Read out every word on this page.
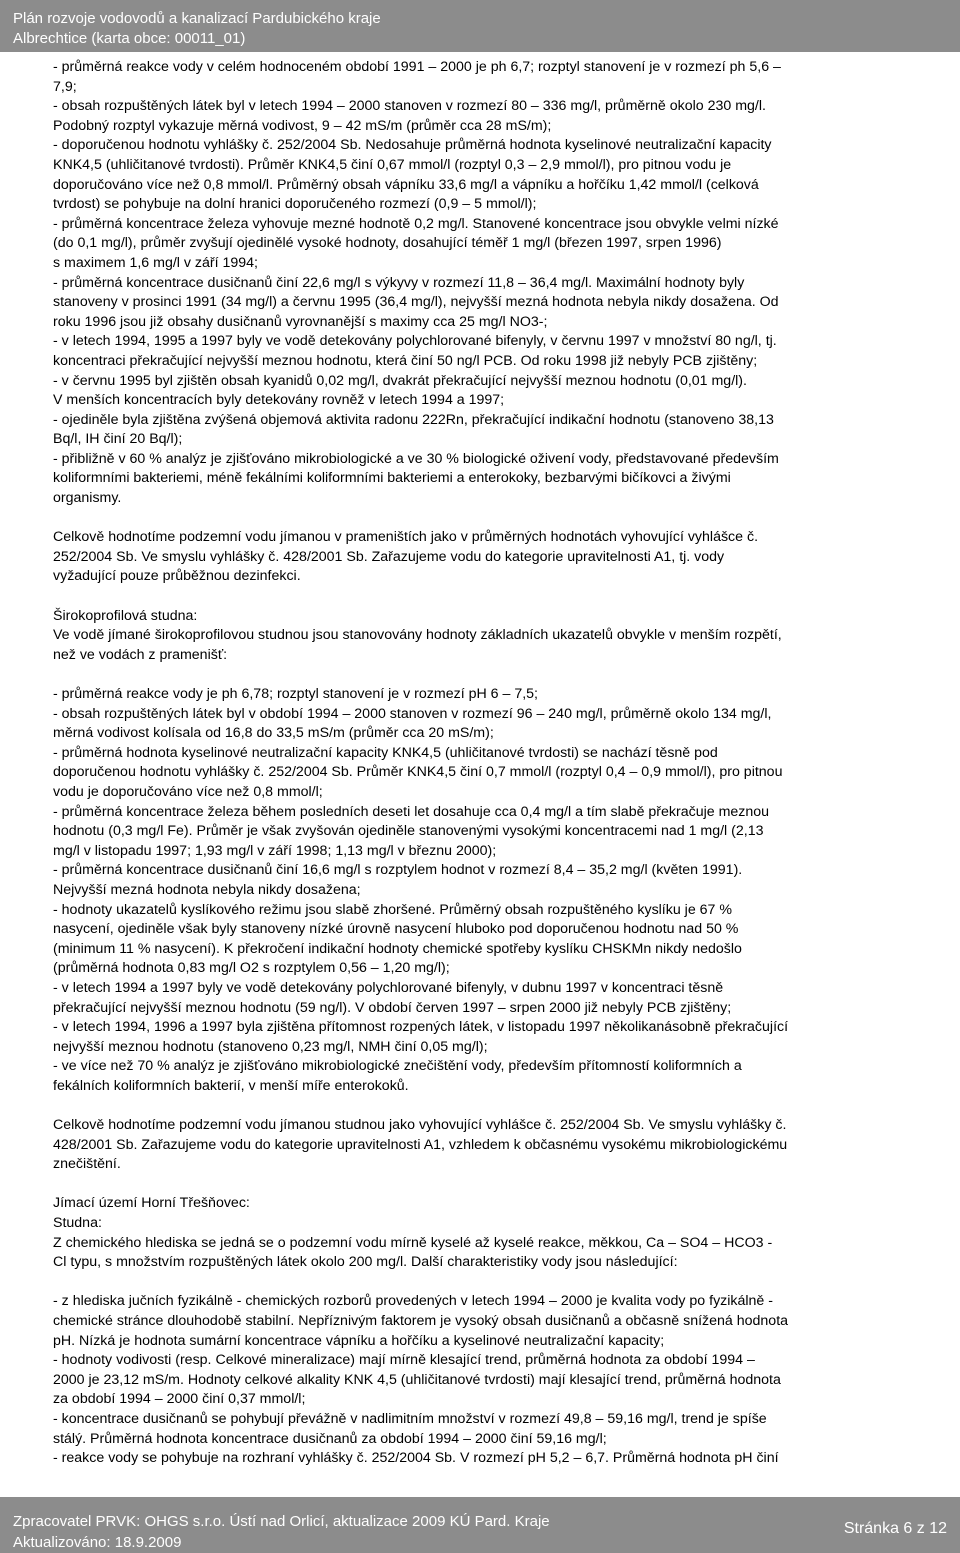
Plán rozvoje vodovodů a kanalizací Pardubického kraje
Albrechtice (karta obce: 00011_01)
- průměrná reakce vody v celém hodnoceném období 1991 – 2000 je ph 6,7; rozptyl stanovení je v rozmezí ph 5,6 –
7,9;
- obsah rozpuštěných látek byl v letech 1994 – 2000 stanoven v rozmezí 80 – 336 mg/l, průměrně okolo 230 mg/l.
Podobný rozptyl vykazuje měrná vodivost, 9 – 42 mS/m (průměr cca 28 mS/m);
- doporučenou hodnotu vyhlášky č. 252/2004 Sb. Nedosahuje průměrná hodnota kyselinové neutralizační kapacity
KNK4,5 (uhličitanové tvrdosti). Průměr KNK4,5 činí 0,67 mmol/l (rozptyl 0,3 – 2,9 mmol/l), pro pitnou vodu je
doporučováno více než 0,8 mmol/l. Průměrný obsah vápníku 33,6 mg/l a vápníku a hořčíku 1,42 mmol/l (celková
tvrdost) se pohybuje na dolní hranici doporučeného rozmezí (0,9 – 5 mmol/l);
- průměrná koncentrace železa vyhovuje mezné hodnotě 0,2 mg/l. Stanovené koncentrace jsou obvykle velmi nízké
(do 0,1 mg/l), průměr zvyšují ojedinělé vysoké hodnoty, dosahující téměř 1 mg/l (březen 1997, srpen 1996)
s maximem 1,6 mg/l v září 1994;
- průměrná koncentrace dusičnanů činí 22,6 mg/l s výkyvy v rozmezí 11,8 – 36,4 mg/l. Maximální hodnoty byly
stanoveny v prosinci 1991 (34 mg/l) a červnu 1995 (36,4 mg/l), nejvyšší mezná hodnota nebyla nikdy dosažena. Od
roku 1996 jsou již obsahy dusičnanů vyrovnanější s maximy cca 25 mg/l NO3-;
- v letech 1994, 1995 a 1997 byly ve vodě detekovány polychlorované bifenyly, v červnu 1997 v množství 80 ng/l, tj.
koncentraci překračující nejvyšší meznou hodnotu, která činí 50 ng/l PCB. Od roku 1998 již nebyly PCB zjištěny;
- v červnu 1995 byl zjištěn obsah kyanidů 0,02 mg/l, dvakrát překračující nejvyšší meznou hodnotu (0,01 mg/l).
V menších koncentracích byly detekovány rovněž v letech 1994 a 1997;
- ojediněle byla zjištěna zvýšená objemová aktivita radonu 222Rn, překračující indikační hodnotu (stanoveno 38,13
Bq/l, IH činí 20 Bq/l);
- přibližně v 60 % analýz je zjišťováno mikrobiologické a ve 30 % biologické oživení vody, představované především
koliformními bakteriemi, méně fekálními koliformními bakteriemi a enterokoky, bezbarvými bičíkovci a živými
organismy.
Celkově hodnotíme podzemní vodu jímanou v prameništích jako v průměrných hodnotách vyhovující vyhlášce č.
252/2004 Sb. Ve smyslu vyhlášky č. 428/2001 Sb. Zařazujeme vodu do kategorie upravitelnosti A1, tj. vody
vyžadující pouze průběžnou dezinfekci.
Širokoprofilová studna:
Ve vodě jímané širokoprofilovou studnou jsou stanovovány hodnoty základních ukazatelů obvykle v menším rozpětí,
než ve vodách z pramenišť:
- průměrná reakce vody je ph 6,78; rozptyl stanovení je v rozmezí pH 6 – 7,5;
- obsah rozpuštěných látek byl v období 1994 – 2000 stanoven v rozmezí 96 – 240 mg/l, průměrně okolo 134 mg/l,
měrná vodivost kolísala od 16,8 do 33,5 mS/m (průměr cca 20 mS/m);
- průměrná hodnota kyselinové neutralizační kapacity KNK4,5 (uhličitanové tvrdosti) se nachází těsně pod
doporučenou hodnotu vyhlášky č. 252/2004 Sb. Průměr KNK4,5 činí 0,7 mmol/l (rozptyl 0,4 – 0,9 mmol/l), pro pitnou
vodu je doporučováno více než 0,8 mmol/l;
- průměrná koncentrace železa během posledních deseti let dosahuje cca 0,4 mg/l a tím slabě překračuje meznou
hodnotu (0,3 mg/l Fe). Průměr je však zvyšován ojediněle stanovenými vysokými koncentracemi nad 1 mg/l (2,13
mg/l v listopadu 1997; 1,93 mg/l v září 1998; 1,13 mg/l v březnu 2000);
- průměrná koncentrace dusičnanů činí 16,6 mg/l s rozptylem hodnot v rozmezí 8,4 – 35,2 mg/l (květen 1991).
Nejvyšší mezná hodnota nebyla nikdy dosažena;
- hodnoty ukazatelů kyslíkového režimu jsou slabě zhoršené. Průměrný obsah rozpuštěného kyslíku je 67 %
nasycení, ojediněle však byly stanoveny nízké úrovně nasycení hluboko pod doporučenou hodnotu nad 50 %
(minimum 11 % nasycení). K překročení indikační hodnoty chemické spotřeby kyslíku CHSKMn nikdy nedošlo
(průměrná hodnota 0,83 mg/l O2 s rozptylem 0,56 – 1,20 mg/l);
- v letech 1994 a 1997 byly ve vodě detekovány polychlorované bifenyly, v dubnu 1997 v koncentraci těsně
překračující nejvyšší meznou hodnotu (59 ng/l). V období červen 1997 – srpen 2000 již nebyly PCB zjištěny;
- v letech 1994, 1996 a 1997 byla zjištěna přítomnost rozpených látek, v listopadu 1997 několikanásobně překračující
nejvyšší meznou hodnotu (stanoveno 0,23 mg/l, NMH činí 0,05 mg/l);
- ve více než 70 % analýz je zjišťováno mikrobiologické znečištění vody, především přítomností koliformních a
fekálních koliformních bakterií, v menší míře enterokoků.
Celkově hodnotíme podzemní vodu jímanou studnou jako vyhovující vyhlášce č. 252/2004 Sb. Ve smyslu vyhlášky č.
428/2001 Sb. Zařazujeme vodu do kategorie upravitelnosti A1, vzhledem k občasnému vysokému mikrobiologickému
znečištění.
Jímací území Horní Třešňovec:
Studna:
Z chemického hlediska se jedná se o podzemní vodu mírně kyselé až kyselé reakce, měkkou, Ca – SO4 – HCO3 -
Cl typu, s množstvím rozpuštěných látek okolo 200 mg/l. Další charakteristiky vody jsou následující:
- z hlediska jučních fyzikálně - chemických rozborů provedených v letech 1994 – 2000 je kvalita vody po fyzikálně -
chemické stránce dlouhodobě stabilní. Nepříznivým faktorem je vysoký obsah dusičnanů a občasně snížená hodnota
pH. Nízká je hodnota sumární koncentrace vápníku a hořčíku a kyselinové neutralizační kapacity;
- hodnoty vodivosti (resp. Celkové mineralizace) mají mírně klesající trend, průměrná hodnota za období 1994 –
2000 je 23,12 mS/m. Hodnoty celkové alkality KNK 4,5 (uhličitanové tvrdosti) mají klesající trend, průměrná hodnota
za období 1994 – 2000 činí 0,37 mmol/l;
- koncentrace dusičnanů se pohybují převážně v nadlimitním množství v rozmezí 49,8 – 59,16 mg/l, trend je spíše
stálý. Průměrná hodnota koncentrace dusičnanů za období 1994 – 2000 činí 59,16 mg/l;
- reakce vody se pohybuje na rozhraní vyhlášky č. 252/2004 Sb. V rozmezí pH 5,2 – 6,7. Průměrná hodnota pH činí
Zpracovatel PRVK: OHGS s.r.o. Ústí nad Orlicí, aktualizace 2009 KÚ Pard. Kraje
Aktualizováno: 18.9.2009
Stránka 6 z 12
